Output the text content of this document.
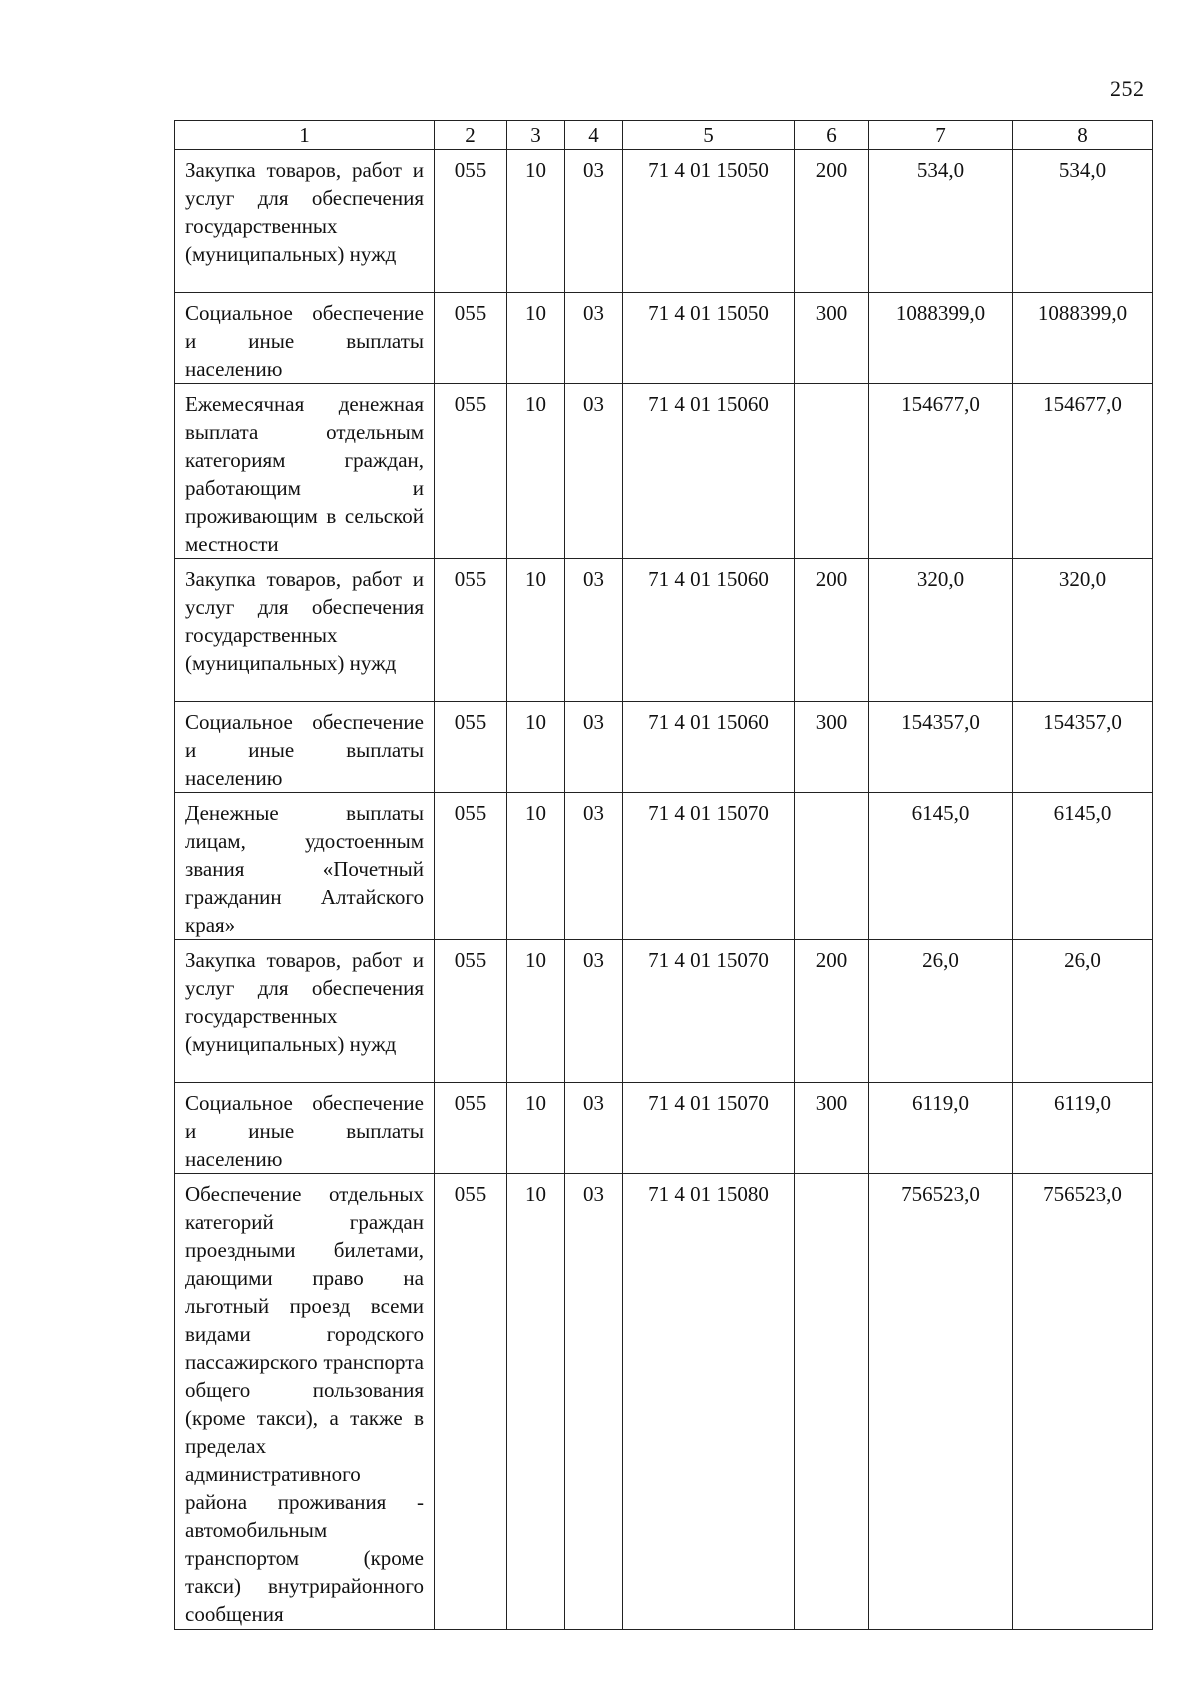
252
1	2	3	4	5	6	7	8
Закупка товаров, работ и услуг для обеспечения государственных (муниципальных) нужд	055	10	03	71 4 01 15050	200	534,0	534,0
Социальное обеспечение и иные выплаты населению	055	10	03	71 4 01 15050	300	1088399,0	1088399,0
Ежемесячная денежная выплата отдельным категориям граждан, работающим и проживающим в сельской местности	055	10	03	71 4 01 15060		154677,0	154677,0
Закупка товаров, работ и услуг для обеспечения государственных (муниципальных) нужд	055	10	03	71 4 01 15060	200	320,0	320,0
Социальное обеспечение и иные выплаты населению	055	10	03	71 4 01 15060	300	154357,0	154357,0
Денежные выплаты лицам, удостоенным звания «Почетный гражданин Алтайского края»	055	10	03	71 4 01 15070		6145,0	6145,0
Закупка товаров, работ и услуг для обеспечения государственных (муниципальных) нужд	055	10	03	71 4 01 15070	200	26,0	26,0
Социальное обеспечение и иные выплаты населению	055	10	03	71 4 01 15070	300	6119,0	6119,0
Обеспечение отдельных категорий граждан проездными билетами, дающими право на льготный проезд всеми видами городского пассажирского транспорта общего пользования (кроме такси), а также в пределах административного района проживания - автомобильным транспортом (кроме такси) внутрирайонного сообщения	055	10	03	71 4 01 15080		756523,0	756523,0
